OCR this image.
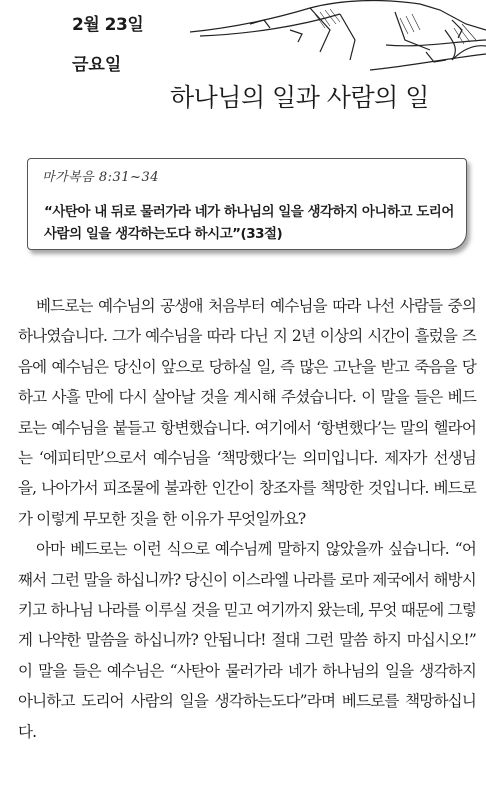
2월 23일
금요일
하나님의 일과 사람의 일
마가복음 8:31~34
“사탄아 내 뒤로 물러가라 네가 하나님의 일을 생각하지 아니하고 도리어 사람의 일을 생각하는도다 하시고”(33절)

베드로는 예수님의 공생애 처음부터 예수님을 따라 나선 사람들 중의 하나였습니다. 그가 예수님을 따라 다닌 지 2년 이상의 시간이 흘렀을 즈음에 예수님은 당신이 앞으로 당하실 일, 즉 많은 고난을 받고 죽음을 당하고 사흘 만에 다시 살아날 것을 계시해 주셨습니다. 이 말을 들은 베드로는 예수님을 붙들고 항변했습니다. 여기에서 ‘항변했다’는 말의 헬라어는 ‘에피티만’으로서 예수님을 ‘책망했다’는 의미입니다. 제자가 선생님을, 나아가서 피조물에 불과한 인간이 창조자를 책망한 것입니다. 베드로가 이렇게 무모한 짓을 한 이유가 무엇일까요?

아마 베드로는 이런 식으로 예수님께 말하지 않았을까 싶습니다. “어째서 그런 말을 하십니까? 당신이 이스라엘 나라를 로마 제국에서 해방시키고 하나님 나라를 이루실 것을 믿고 여기까지 왔는데, 무엇 때문에 그렇게 나약한 말씀을 하십니까? 안됩니다! 절대 그런 말씀 하지 마십시오!” 이 말을 들은 예수님은 “사탄아 물러가라 네가 하나님의 일을 생각하지 아니하고 도리어 사람의 일을 생각하는도다”라며 베드로를 책망하십니다.
